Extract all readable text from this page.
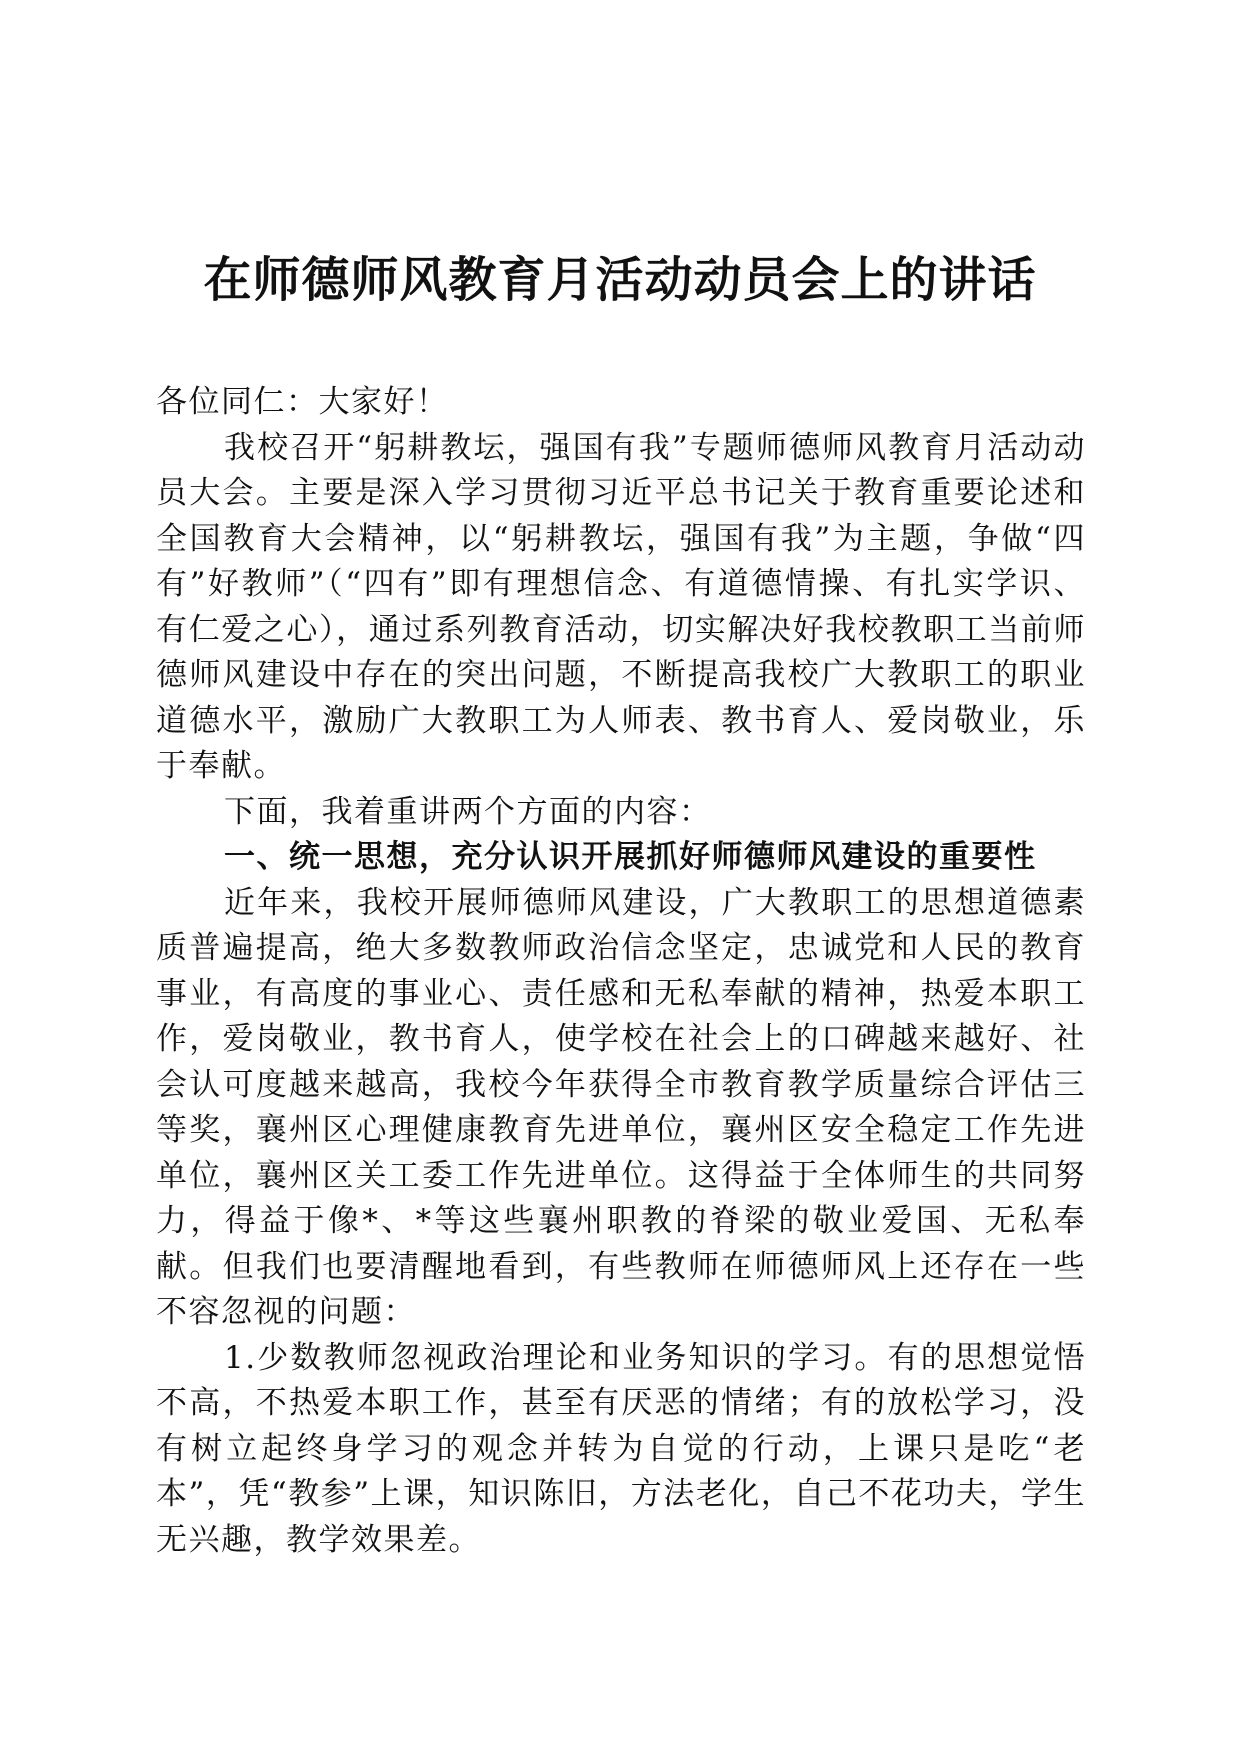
在师德师风教育月活动动员会上的讲话

各位同仁：大家好！

我校召开“躬耕教坛，强国有我”专题师德师风教育月活动动员大会。主要是深入学习贯彻习近平总书记关于教育重要论述和全国教育大会精神，以“躬耕教坛，强国有我”为主题，争做“四有”好教师”（“四有”即有理想信念、有道德情操、有扎实学识、有仁爱之心），通过系列教育活动，切实解决好我校教职工当前师德师风建设中存在的突出问题，不断提高我校广大教职工的职业道德水平，激励广大教职工为人师表、教书育人、爱岗敬业，乐于奉献。

下面，我着重讲两个方面的内容：

一、统一思想，充分认识开展抓好师德师风建设的重要性

近年来，我校开展师德师风建设，广大教职工的思想道德素质普遍提高，绝大多数教师政治信念坚定，忠诚党和人民的教育事业，有高度的事业心、责任感和无私奉献的精神，热爱本职工作，爱岗敬业，教书育人，使学校在社会上的口碑越来越好、社会认可度越来越高，我校今年获得全市教育教学质量综合评估三等奖，襄州区心理健康教育先进单位，襄州区安全稳定工作先进单位，襄州区关工委工作先进单位。这得益于全体师生的共同努力，得益于像*、*等这些襄州职教的脊梁的敬业爱国、无私奉献。但我们也要清醒地看到，有些教师在师德师风上还存在一些不容忽视的问题：

1.少数教师忽视政治理论和业务知识的学习。有的思想觉悟不高，不热爱本职工作，甚至有厌恶的情绪；有的放松学习，没有树立起终身学习的观念并转为自觉的行动，上课只是吃“老本”，凭“教参”上课，知识陈旧，方法老化，自己不花功夫，学生无兴趣，教学效果差。
